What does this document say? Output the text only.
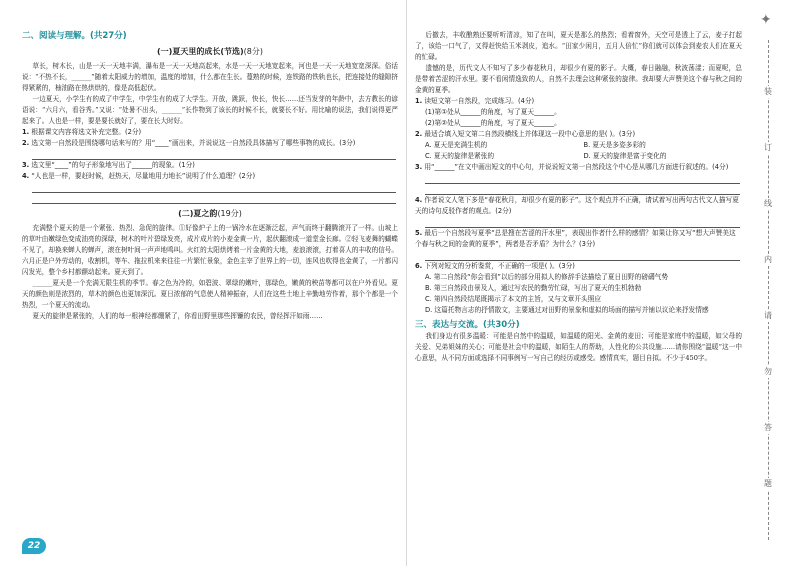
二、阅读与理解。(共27分)
(一)夏天里的成长(节选)(8分)
草长，树木长，山是一天一天地丰满，瀑布是一天一天地高起来，水是一天一天地宽起来，河也是一天一天地宽宽深深。俗话说：“不热不长，______”随着太阳威力的增加，温度的增加，什么都在生长。蔓熟的时候，连铁路的铁轨也长，把连接处的缝隙挤得紧紧的，柚油路在热烘烘的，像是高低起伏。
一边夏天，小学生有的成了中学生，中学生有的成了大学生。开放，跳跃，快长，快长……还当发芽的年龄中，去方教长的谚语说：“六月六，看谷秀。”又说：“处暑不出头，______”长作物到了该长的时候不长，就要长不好。用比喻的说法，我们说得更严起来了。人也是一样，要是要长就好了，要在长大时好。
1. 根据课文内容将选文补充完整。(2分)
2. 选文第一自然段是围绕哪句话来写的？用“____”画出来，并说说这一自然段具体描写了哪些事物的成长。(3分)
3. 选文里“____”的句子形象地写出了______的现象。(1分)
4. “人也是一样，要赶时候，赶热天，尽量地用力地长”说明了什么道理？(2分)
(二)夏之韵(19分)
充满整个夏天的是一个紧张、热烈、急促的旋律。①好像炉子上的一锅冷水在逐渐泛起，声气而终于翻腾滚开了一样。山坡上的草叶由嫩绿色变成油亮的深绿，树木的叶片碧绿发亮，成片成片的小麦金黄一片，起伏翻滚成一道堂金长廊。②轻飞麦舞的蝴蝶不见了，却换来蝉人的蝉声，滚在树叶间一声声地鸣叫。火红的太阳烘烤着一片金黄的大地，麦浪滚滚，打着喜人的丰收的信号。六月正是户外劳动的，收割机，等车、拖拉机来来往往一片繁忙景象，金色主宰了世界上的一切，连风也吹得也金黄了，一片都闪闪发光，整个乡村都颤动起来。夏天到了。
______夏天是一个充满无限生机的季节。春之色为冷的，如碧波、翠绿的嫩叶，那绿色，嫩黄的秧苗等都可以在户外看见。夏天的颜色则是浓烈的，草木的颜色也更加深沉。夏日浓郁的气息使人精神振奋，人们在这些土地上辛勤地劳作着，那个个都是一个热烈，一个夏天的流动。
夏天的旋律是紧张的，人们的每一根神经都绷紧了，你看田野里那些挥镰的农民，曾经挥汗如雨……
22
后撤去，丰收酿熟还要听听清凉，知了在叫，夏天是那么的热烈；看着窗外，天空可是透上了云，麦子打起了，该给一口气了，又得赶快给玉米剥皮，追水。“田家少闲月，五月人倍忙”你们就可以体会到麦农人们在夏天的忙碌。
遗憾的是，历代文人不知写了多少春花秋月，却很少有夏的影子。大概，春日融融，秋波荡漾；而夏呢，总是带着苦涩的汗水里。要不看闲情逸致的人，自然不去理会这种紧张的旋律。我却要大声赞美这个春与秋之间的金黄的夏季。
1. 读短文第一自然段，完成练习。(4分)
(1)第①处从______的角度，写了夏天______。
(2)第②处从______的角度，写了夏天______。
2. 最适合填入短文第二自然段横线上并体现这一段中心意思的是( )。(3分)
A. 夏天是充满生机的	B. 夏天是多姿多彩的
C. 夏天的旋律是紧张的	D. 夏天的旋律是富于变化的
3. 用“______”在文中画出短文的中心句，并说说短文第一自然段这个中心是从哪几方面进行叙述的。(4分)
4. 作者说文人笔下多是“春花秋月，却很少有夏的影子”。这个观点并不正确，请试着写出两句古代文人描写夏天的诗句反驳作者的观点。(2分)
5. 最后一个自然段写夏季“总是搜在苦涩的汗水里”，表现出作者什么样的感情？如果让你又写“想大声赞美这个春与秋之间的金黄的夏季”，两者是否矛盾？为什么？(3分)
6. 下列对短文的分析鉴赏，不正确的一项是( )。(3分)
A. 第二自然段“你会看到”以后的部分用拟人的修辞手法描绘了夏日田野的磅礴气势
B. 第三自然段由景及人，通过写农民的勤劳忙碌，写出了夏天的生机勃勃
C. 第四自然段结尾既揭示了本文的主旨，又与文章开头照应
D. 这篇托物言志的抒情散文，主要通过对田野的景象和虚拟的场面的描写并铺以议论来抒发情感
三、表达与交流。(共30分)
我们身边有很多温暖：可能是自然中的温暖，如温暖的阳光、金黄的麦田；可能是家庭中的温暖，如父母的关爱、兄弟姐妹的关心；可能是社会中的温暖，如陌生人的帮助，人性化的公共设施……请你围绕“温暖”这一中心意思，从不同方面或选择不同事例写一写自己的经历或感受。感情真实，题目自拟。不少于450字。
✦
装
订
线
内
请
勿
答
题
